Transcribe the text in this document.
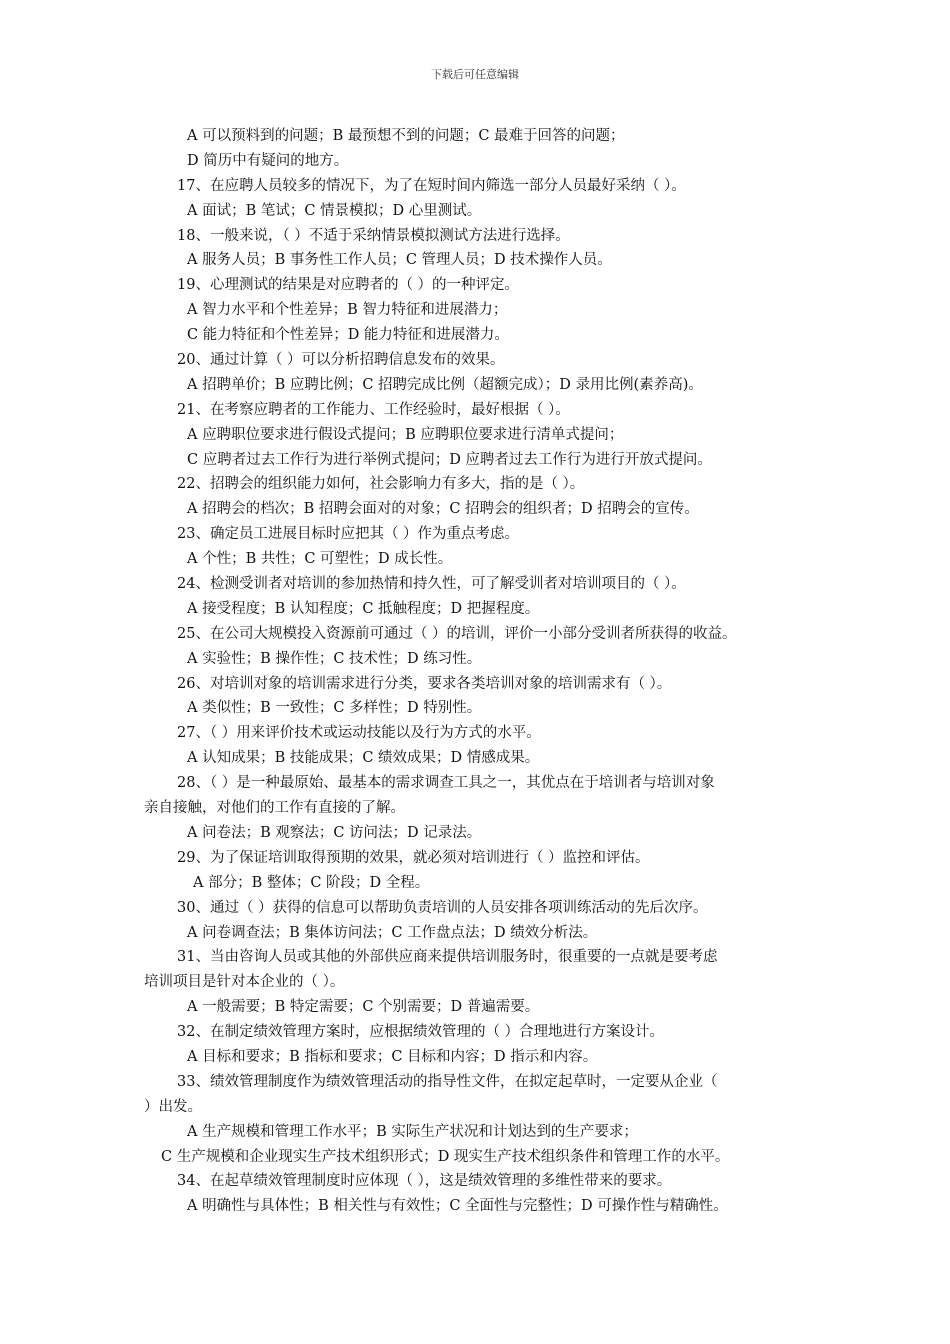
下载后可任意编辑
A 可以预料到的问题；B 最预想不到的问题；C 最难于回答的问题；
D 简历中有疑问的地方。
17、在应聘人员较多的情况下，为了在短时间内筛选一部分人员最好采纳（ ）。
A 面试；B 笔试；C 情景模拟；D 心里测试。
18、一般来说，（ ）不适于采纳情景模拟测试方法进行选择。
A 服务人员；B 事务性工作人员；C 管理人员；D 技术操作人员。
19、心理测试的结果是对应聘者的（ ）的一种评定。
A 智力水平和个性差异；B 智力特征和进展潜力；
C 能力特征和个性差异；D 能力特征和进展潜力。
20、通过计算（ ）可以分析招聘信息发布的效果。
A 招聘单价；B 应聘比例；C 招聘完成比例（超额完成）；D 录用比例(素养高)。
21、在考察应聘者的工作能力、工作经验时，最好根据（ ）。
A 应聘职位要求进行假设式提问；B 应聘职位要求进行清单式提问；
C 应聘者过去工作行为进行举例式提问；D 应聘者过去工作行为进行开放式提问。
22、招聘会的组织能力如何，社会影响力有多大，指的是（ ）。
A 招聘会的档次；B 招聘会面对的对象；C 招聘会的组织者；D 招聘会的宣传。
23、确定员工进展目标时应把其（ ）作为重点考虑。
A 个性；B 共性；C 可塑性；D 成长性。
24、检测受训者对培训的参加热情和持久性，可了解受训者对培训项目的（ ）。
A 接受程度；B 认知程度；C 抵触程度；D 把握程度。
25、在公司大规模投入资源前可通过（ ）的培训，评价一小部分受训者所获得的收益。
A 实验性；B 操作性；C 技术性；D 练习性。
26、对培训对象的培训需求进行分类，要求各类培训对象的培训需求有（ ）。
A 类似性；B 一致性；C 多样性；D 特别性。
27、（ ）用来评价技术或运动技能以及行为方式的水平。
A 认知成果；B 技能成果；C 绩效成果；D 情感成果。
28、（ ）是一种最原始、最基本的需求调查工具之一，其优点在于培训者与培训对象
亲自接触，对他们的工作有直接的了解。
A 问卷法；B 观察法；C 访问法；D 记录法。
29、为了保证培训取得预期的效果，就必须对培训进行（ ）监控和评估。
A 部分；B 整体；C 阶段；D 全程。
30、通过（ ）获得的信息可以帮助负责培训的人员安排各项训练活动的先后次序。
A 问卷调查法；B 集体访问法；C 工作盘点法；D 绩效分析法。
31、当由咨询人员或其他的外部供应商来提供培训服务时，很重要的一点就是要考虑
培训项目是针对本企业的（ ）。
A 一般需要；B 特定需要；C 个别需要；D 普遍需要。
32、在制定绩效管理方案时，应根据绩效管理的（ ）合理地进行方案设计。
A 目标和要求；B 指标和要求；C 目标和内容；D 指示和内容。
33、绩效管理制度作为绩效管理活动的指导性文件，在拟定起草时，一定要从企业（
）出发。
A 生产规模和管理工作水平；B 实际生产状况和计划达到的生产要求；
C 生产规模和企业现实生产技术组织形式；D 现实生产技术组织条件和管理工作的水平。
34、在起草绩效管理制度时应体现（ ），这是绩效管理的多维性带来的要求。
A 明确性与具体性；B 相关性与有效性；C 全面性与完整性；D 可操作性与精确性。
